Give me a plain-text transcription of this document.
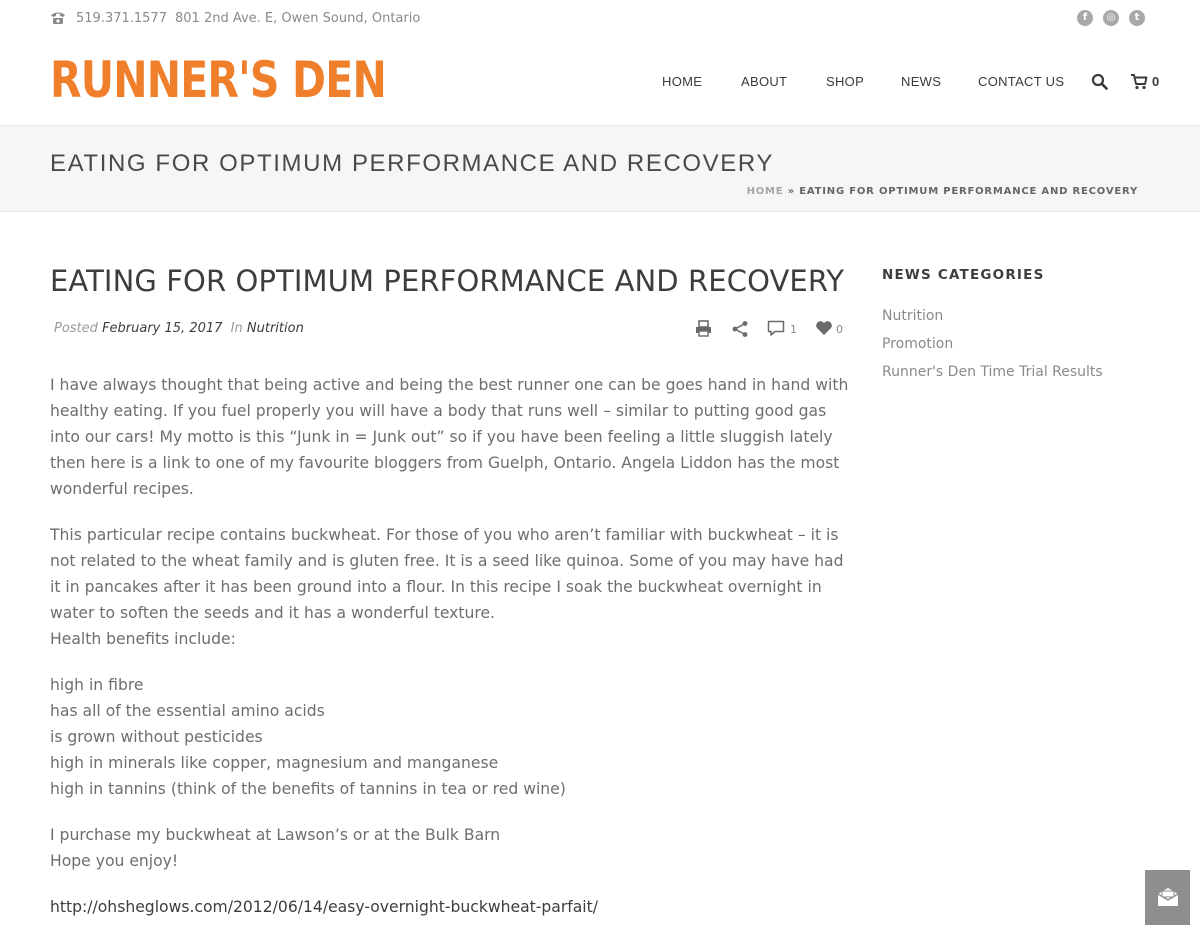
519.371.1577 801 2nd Ave. E, Owen Sound, Ontario	f	◎	t
RUNNER'S DEN	HOME	ABOUT	SHOP	NEWS	CONTACT US	0
EATING FOR OPTIMUM PERFORMANCE AND RECOVERY
HOME » EATING FOR OPTIMUM PERFORMANCE AND RECOVERY
EATING FOR OPTIMUM PERFORMANCE AND RECOVERY
Posted February 15, 2017 In Nutrition	1	0

I have always thought that being active and being the best runner one can be goes hand in hand with healthy eating. If you fuel properly you will have a body that runs well – similar to putting good gas into our cars! My motto is this “Junk in = Junk out” so if you have been feeling a little sluggish lately then here is a link to one of my favourite bloggers from Guelph, Ontario. Angela Liddon has the most wonderful recipes.

This particular recipe contains buckwheat. For those of you who aren’t familiar with buckwheat – it is not related to the wheat family and is gluten free. It is a seed like quinoa. Some of you may have had it in pancakes after it has been ground into a flour. In this recipe I soak the buckwheat overnight in water to soften the seeds and it has a wonderful texture.
Health benefits include:

high in fibre
has all of the essential amino acids
is grown without pesticides
high in minerals like copper, magnesium and manganese
high in tannins (think of the benefits of tannins in tea or red wine)

I purchase my buckwheat at Lawson’s or at the Bulk Barn
Hope you enjoy!

http://ohsheglows.com/2012/06/14/easy-overnight-buckwheat-parfait/

NEWS CATEGORIES
Nutrition
Promotion
Runner's Den Time Trial Results
